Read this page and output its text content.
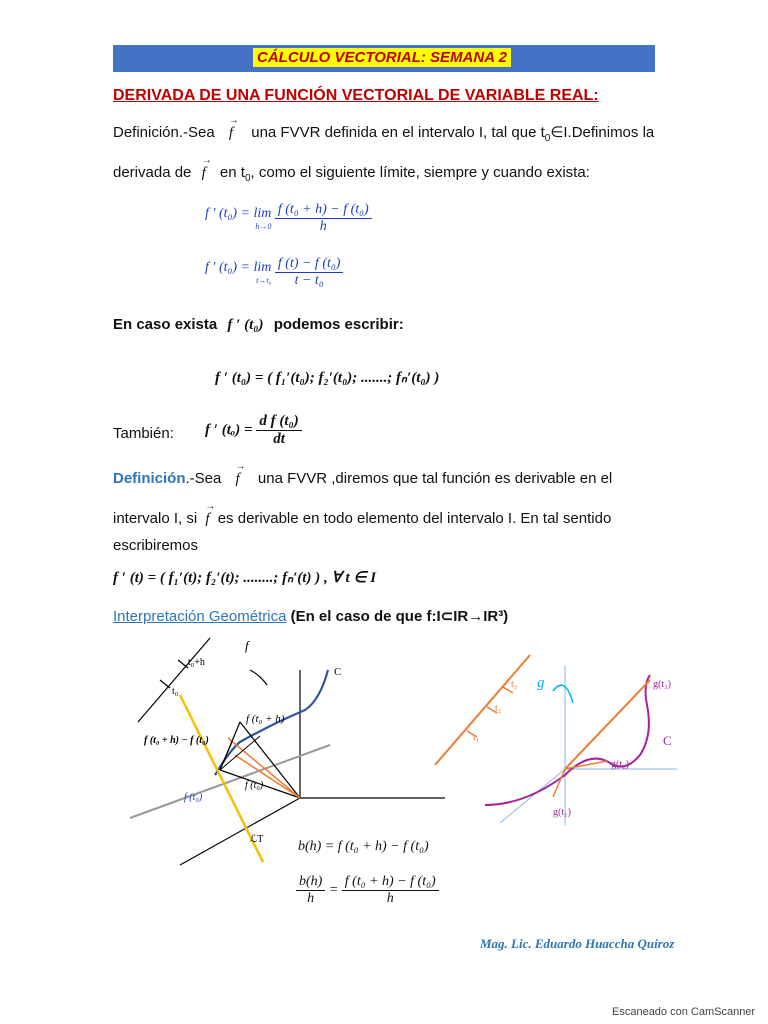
CÁLCULO VECTORIAL: SEMANA 2
DERIVADA DE UNA FUNCIÓN VECTORIAL DE VARIABLE REAL:
Definición.-Sea → f una FVVR definida en el intervalo I, tal que $t_0\in I.Definimos$ la
derivada de → f en $t_0$, como el siguiente límite, siempre y cuando exista:
f ′ (t₀) = lim
h→0
$\frac{\text{f (t₀ + h) − f (t₀)}}{h}$
f ′ (t₀) = lim
t→t₀
$\frac{\text{f (t) − f (t₀)}}{\text{t − t₀}}$
En caso exista f ′ (t₀) podemos escribir:
f ′ (t₀) = ( f₁′(t₀); f₂′(t₀); .......; fₙ′(t₀) )
También: f ′ $(t_o) = \frac{\text{d f (t₀)}}{dt}$
Definición.-Sea → f una FVVR ,diremos que tal función es derivable en el
intervalo I, si → f es derivable en todo elemento del intervalo I. En tal sentido
escribiremos
f ′ (t) = ( f₁′(t); f₂′(t); ........; fₙ′(t) ) , ∀ t ∈ I
Interpretación Geométrica (En el caso de que f:I⊂IR→IR³)
t₀+h
t₀
f
C
ℒT
f (t₀ + h)
f (t₀ + h) − f (t₀)
f (t₀)
f (t₀)
t₃
t₂
t₁
g	g(t₃)
g(t₂)
g(t₁)
C
b(h) = f (t₀ + h) − f (t₀)
$\frac{b(h)}{h} = \frac{\text{f (t₀ + h) − f (t₀)}}{h}$
Mag. Lic. Eduardo Huaccha Quiroz
Escaneado con CamScanner
